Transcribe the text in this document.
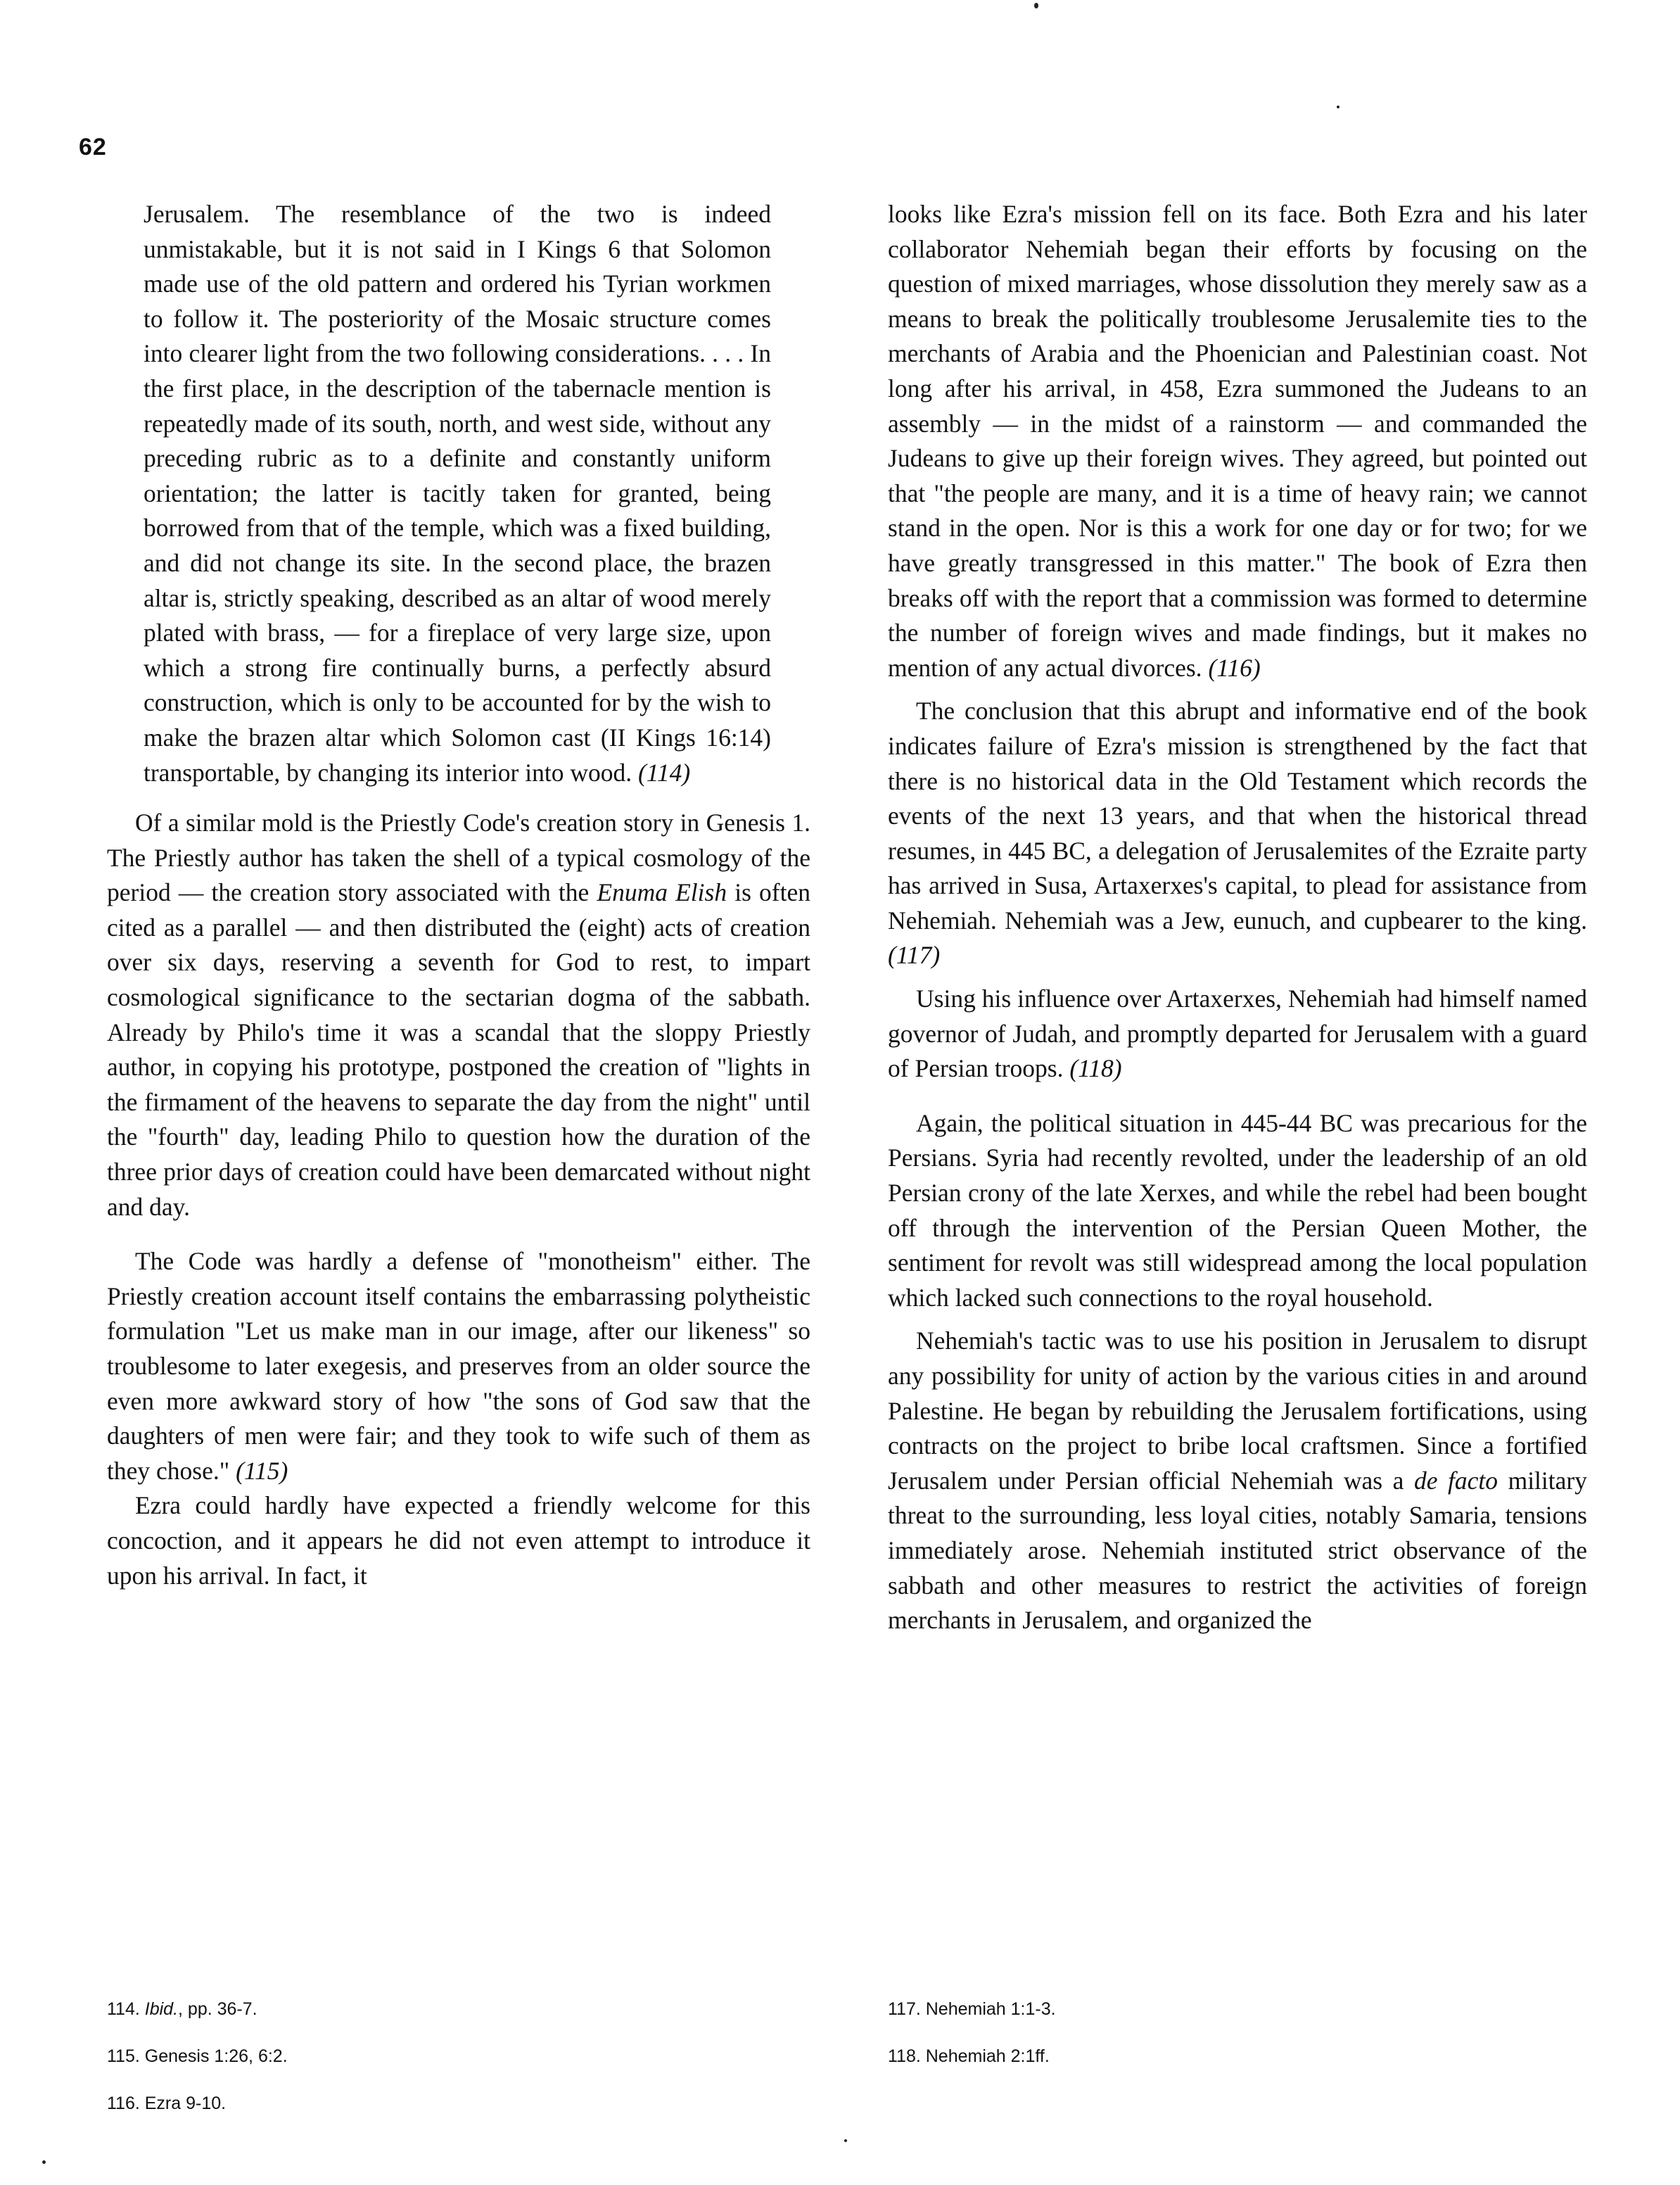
62

Jerusalem. The resemblance of the two is indeed unmistakable, but it is not said in I Kings 6 that Solomon made use of the old pattern and ordered his Tyrian workmen to follow it. The posteriority of the Mosaic structure comes into clearer light from the two following considerations. . . . In the first place, in the description of the tabernacle mention is repeatedly made of its south, north, and west side, without any preceding rubric as to a definite and constantly uniform orientation; the latter is tacitly taken for granted, being borrowed from that of the temple, which was a fixed building, and did not change its site. In the second place, the brazen altar is, strictly speaking, described as an altar of wood merely plated with brass, — for a fireplace of very large size, upon which a strong fire continually burns, a perfectly absurd construction, which is only to be accounted for by the wish to make the brazen altar which Solomon cast (II Kings 16:14) transportable, by changing its interior into wood. (114)

Of a similar mold is the Priestly Code's creation story in Genesis 1. The Priestly author has taken the shell of a typical cosmology of the period — the creation story associated with the Enuma Elish is often cited as a parallel — and then distributed the (eight) acts of creation over six days, reserving a seventh for God to rest, to impart cosmological significance to the sectarian dogma of the sabbath. Already by Philo's time it was a scandal that the sloppy Priestly author, in copying his prototype, postponed the creation of "lights in the firmament of the heavens to separate the day from the night" until the "fourth" day, leading Philo to question how the duration of the three prior days of creation could have been demarcated without night and day.

The Code was hardly a defense of "monotheism" either. The Priestly creation account itself contains the embarrassing polytheistic formulation "Let us make man in our image, after our likeness" so troublesome to later exegesis, and preserves from an older source the even more awkward story of how "the sons of God saw that the daughters of men were fair; and they took to wife such of them as they chose." (115)

Ezra could hardly have expected a friendly welcome for this concoction, and it appears he did not even attempt to introduce it upon his arrival. In fact, it

looks like Ezra's mission fell on its face. Both Ezra and his later collaborator Nehemiah began their efforts by focusing on the question of mixed marriages, whose dissolution they merely saw as a means to break the politically troublesome Jerusalemite ties to the merchants of Arabia and the Phoenician and Palestinian coast. Not long after his arrival, in 458, Ezra summoned the Judeans to an assembly — in the midst of a rainstorm — and commanded the Judeans to give up their foreign wives. They agreed, but pointed out that "the people are many, and it is a time of heavy rain; we cannot stand in the open. Nor is this a work for one day or for two; for we have greatly transgressed in this matter." The book of Ezra then breaks off with the report that a commission was formed to determine the number of foreign wives and made findings, but it makes no mention of any actual divorces. (116)

The conclusion that this abrupt and informative end of the book indicates failure of Ezra's mission is strengthened by the fact that there is no historical data in the Old Testament which records the events of the next 13 years, and that when the historical thread resumes, in 445 BC, a delegation of Jerusalemites of the Ezraite party has arrived in Susa, Artaxerxes's capital, to plead for assistance from Nehemiah. Nehemiah was a Jew, eunuch, and cupbearer to the king. (117)

Using his influence over Artaxerxes, Nehemiah had himself named governor of Judah, and promptly departed for Jerusalem with a guard of Persian troops. (118)

Again, the political situation in 445-44 BC was precarious for the Persians. Syria had recently revolted, under the leadership of an old Persian crony of the late Xerxes, and while the rebel had been bought off through the intervention of the Persian Queen Mother, the sentiment for revolt was still widespread among the local population which lacked such connections to the royal household.

Nehemiah's tactic was to use his position in Jerusalem to disrupt any possibility for unity of action by the various cities in and around Palestine. He began by rebuilding the Jerusalem fortifications, using contracts on the project to bribe local craftsmen. Since a fortified Jerusalem under Persian official Nehemiah was a de facto military threat to the surrounding, less loyal cities, notably Samaria, tensions immediately arose. Nehemiah instituted strict observance of the sabbath and other measures to restrict the activities of foreign merchants in Jerusalem, and organized the

114. Ibid., pp. 36-7.

115. Genesis 1:26, 6:2.

116. Ezra 9-10.

117. Nehemiah 1:1-3.

118. Nehemiah 2:1ff.
